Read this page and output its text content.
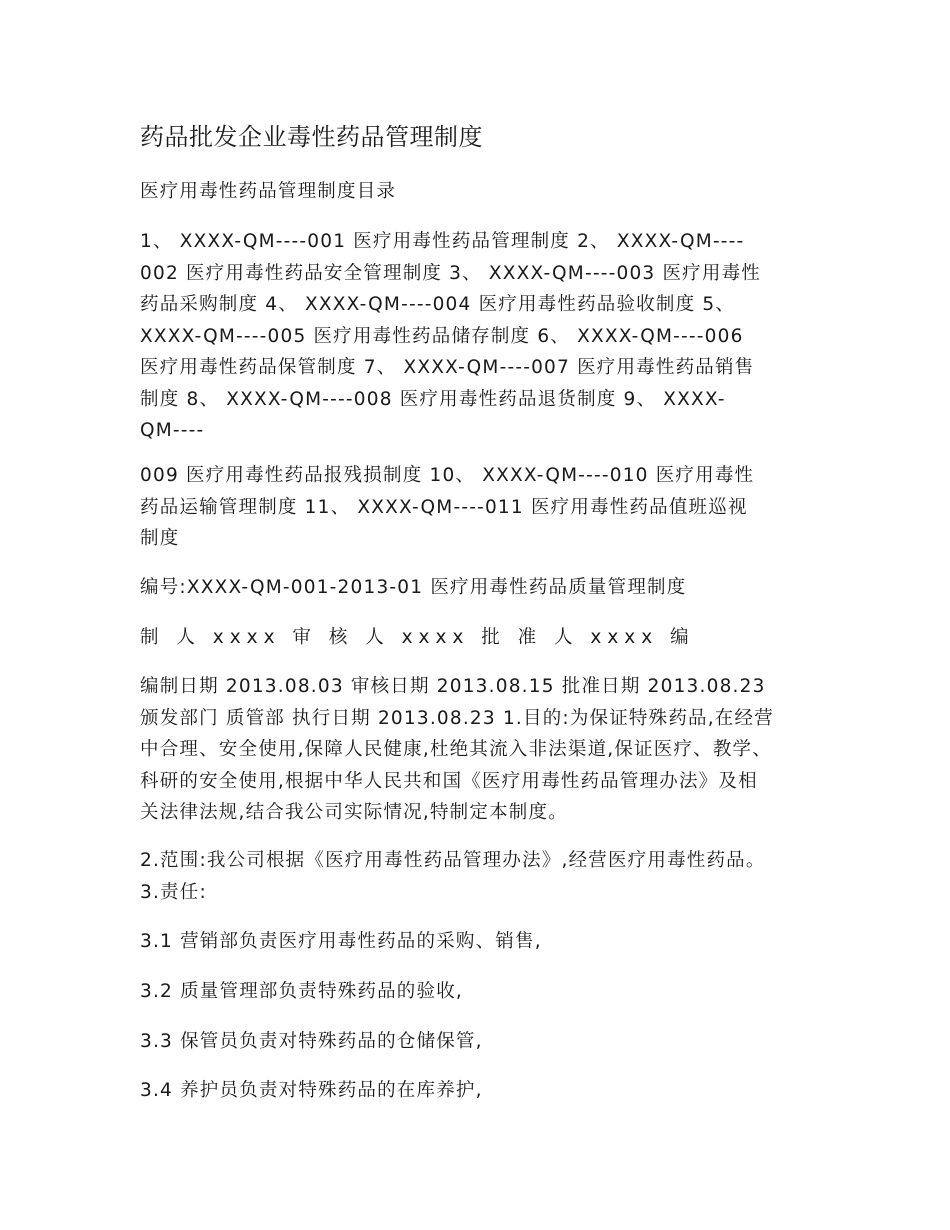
药品批发企业毒性药品管理制度
医疗用毒性药品管理制度目录
1、 XXXX-QM----001 医疗用毒性药品管理制度 2、 XXXX-QM----
002 医疗用毒性药品安全管理制度 3、 XXXX-QM----003 医疗用毒性
药品采购制度 4、 XXXX-QM----004 医疗用毒性药品验收制度 5、
XXXX-QM----005 医疗用毒性药品储存制度 6、 XXXX-QM----006
医疗用毒性药品保管制度 7、 XXXX-QM----007 医疗用毒性药品销售
制度 8、 XXXX-QM----008 医疗用毒性药品退货制度 9、 XXXX-
QM----
009 医疗用毒性药品报残损制度 10、 XXXX-QM----010 医疗用毒性
药品运输管理制度 11、 XXXX-QM----011 医疗用毒性药品值班巡视
制度
编号:XXXX-QM-001-2013-01 医疗用毒性药品质量管理制度
制 人 xxxx 审 核 人 xxxx 批 准 人 xxxx 编
编制日期 2013.08.03 审核日期 2013.08.15 批准日期 2013.08.23
颁发部门 质管部 执行日期 2013.08.23 1.目的:为保证特殊药品,在经营
中合理、安全使用,保障人民健康,杜绝其流入非法渠道,保证医疗、教学、
科研的安全使用,根据中华人民共和国《医疗用毒性药品管理办法》及相
关法律法规,结合我公司实际情况,特制定本制度。
2.范围:我公司根据《医疗用毒性药品管理办法》,经营医疗用毒性药品。
3.责任:
3.1 营销部负责医疗用毒性药品的采购、销售,
3.2 质量管理部负责特殊药品的验收,
3.3 保管员负责对特殊药品的仓储保管,
3.4 养护员负责对特殊药品的在库养护,
